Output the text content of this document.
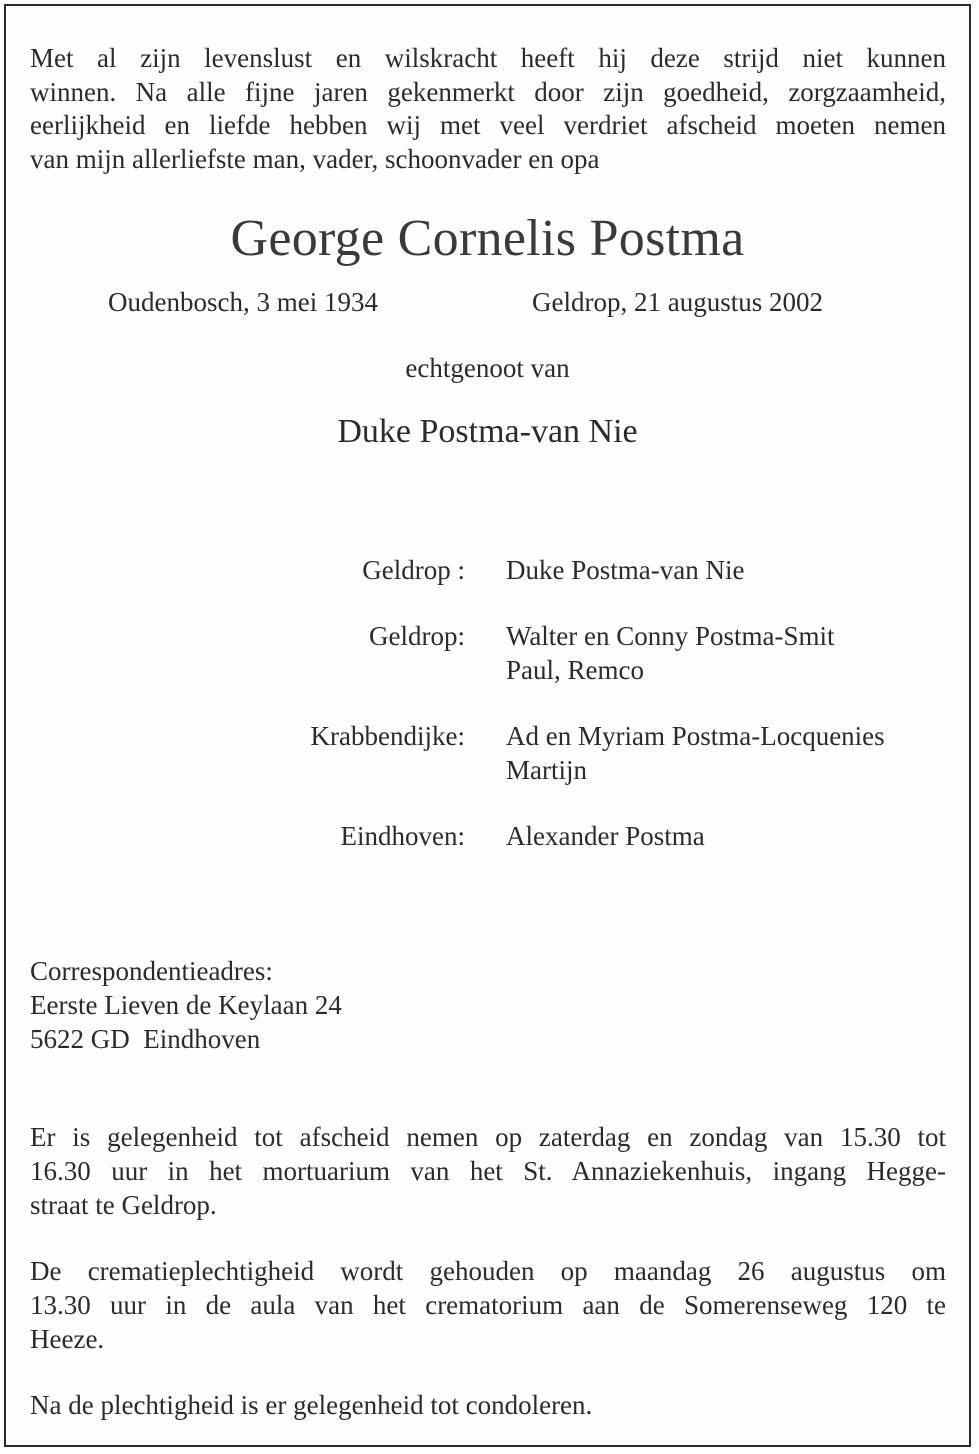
Met al zijn levenslust en wilskracht heeft hij deze strijd niet kunnen
winnen. Na alle fijne jaren gekenmerkt door zijn goedheid, zorgzaamheid,
eerlijkheid en liefde hebben wij met veel verdriet afscheid moeten nemen
van mijn allerliefste man, vader, schoonvader en opa

George Cornelis Postma
Oudenbosch, 3 mei 1934	Geldrop, 21 augustus 2002
echtgenoot van
Duke Postma-van Nie
Geldrop : Duke Postma-van Nie
Geldrop: Walter en Conny Postma-Smit
Paul, Remco
Krabbendijke: Ad en Myriam Postma-Locquenies
Martijn
Eindhoven: Alexander Postma
Correspondentieadres:
Eerste Lieven de Keylaan 24
5622 GD  Eindhoven

Er is gelegenheid tot afscheid nemen op zaterdag en zondag van 15.30 tot
16.30 uur in het mortuarium van het St. Annaziekenhuis, ingang Hegge-
straat te Geldrop.

De crematieplechtigheid wordt gehouden op maandag 26 augustus om
13.30 uur in de aula van het crematorium aan de Somerenseweg 120 te
Heeze.

Na de plechtigheid is er gelegenheid tot condoleren.
